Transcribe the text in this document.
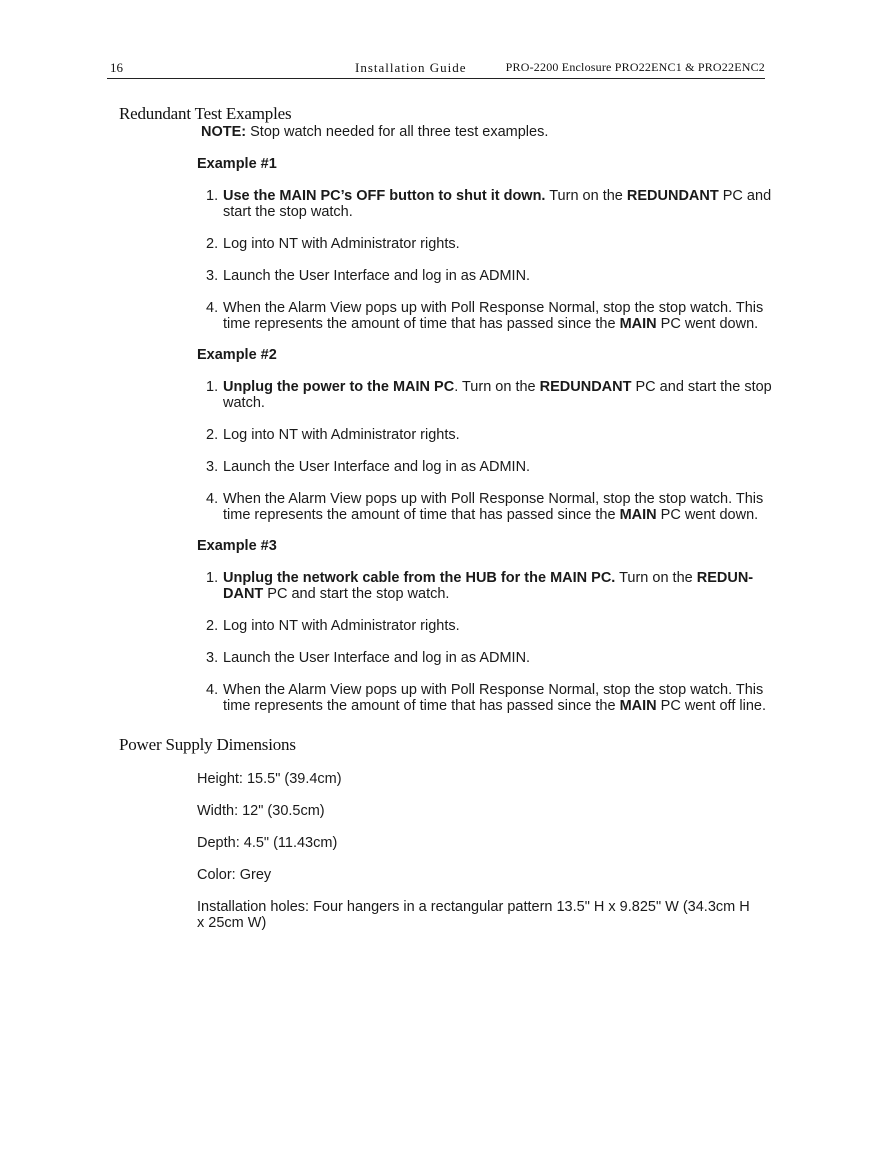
16	Installation Guide	PRO-2200 Enclosure PRO22ENC1 & PRO22ENC2
Redundant Test Examples
NOTE: Stop watch needed for all three test examples.
Example #1
1. Use the MAIN PC’s OFF button to shut it down. Turn on the REDUNDANT PC and start the stop watch.
2. Log into NT with Administrator rights.
3. Launch the User Interface and log in as ADMIN.
4. When the Alarm View pops up with Poll Response Normal, stop the stop watch. This time represents the amount of time that has passed since the MAIN PC went down.
Example #2
1. Unplug the power to the MAIN PC. Turn on the REDUNDANT PC and start the stop watch.
2. Log into NT with Administrator rights.
3. Launch the User Interface and log in as ADMIN.
4. When the Alarm View pops up with Poll Response Normal, stop the stop watch. This time represents the amount of time that has passed since the MAIN PC went down.
Example #3
1. Unplug the network cable from the HUB for the MAIN PC. Turn on the REDUN-DANT PC and start the stop watch.
2. Log into NT with Administrator rights.
3. Launch the User Interface and log in as ADMIN.
4. When the Alarm View pops up with Poll Response Normal, stop the stop watch. This time represents the amount of time that has passed since the MAIN PC went off line.
Power Supply Dimensions

Height: 15.5" (39.4cm)

Width: 12" (30.5cm)

Depth: 4.5" (11.43cm)

Color: Grey

Installation holes: Four hangers in a rectangular pattern 13.5" H x 9.825" W (34.3cm H x 25cm W)
